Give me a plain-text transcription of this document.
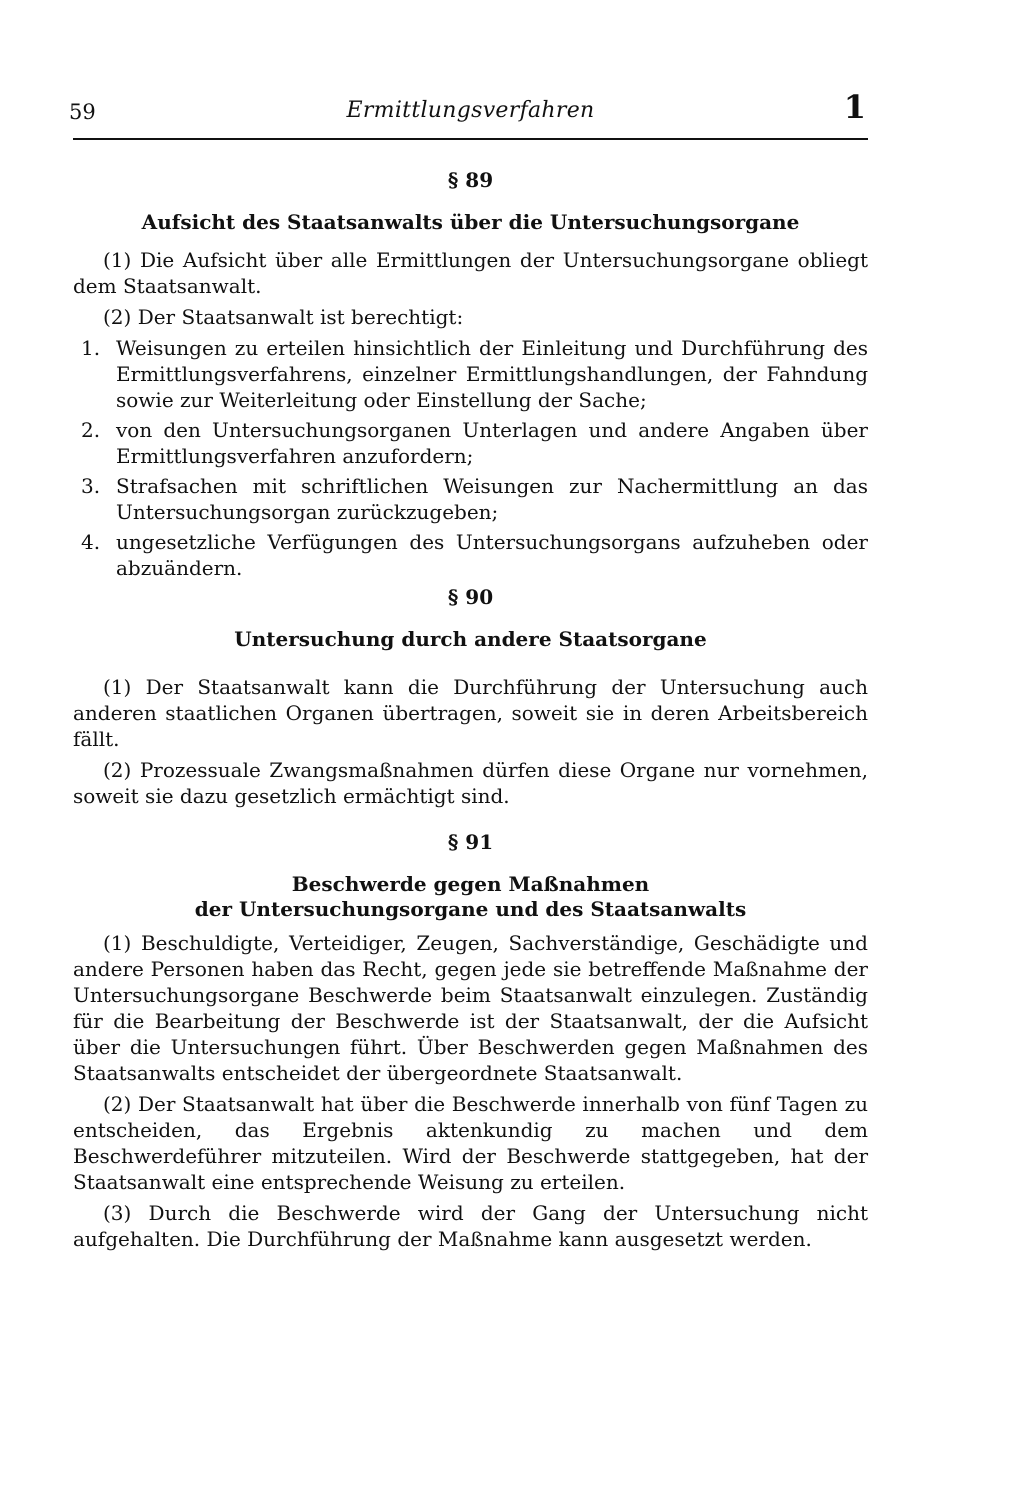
59	Ermittlungsverfahren	1
§ 89
Aufsicht des Staatsanwalts über die Untersuchungsorgane

(1) Die Aufsicht über alle Ermittlungen der Untersuchungsorgane obliegt dem Staatsanwalt.

(2) Der Staatsanwalt ist berechtigt:

1. Weisungen zu erteilen hinsichtlich der Einleitung und Durchführung des Ermittlungsverfahrens, einzelner Ermittlungshandlungen, der Fahndung sowie zur Weiterleitung oder Einstellung der Sache;
2. von den Untersuchungsorganen Unterlagen und andere Angaben über Ermittlungsverfahren anzufordern;
3. Strafsachen mit schriftlichen Weisungen zur Nachermittlung an das Untersuchungsorgan zurückzugeben;
4. ungesetzliche Verfügungen des Untersuchungsorgans aufzuheben oder abzuändern.
§ 90
Untersuchung durch andere Staatsorgane

(1) Der Staatsanwalt kann die Durchführung der Untersuchung auch anderen staatlichen Organen übertragen, soweit sie in deren Arbeitsbereich fällt.

(2) Prozessuale Zwangsmaßnahmen dürfen diese Organe nur vornehmen, soweit sie dazu gesetzlich ermächtigt sind.

§ 91
Beschwerde gegen Maßnahmen
der Untersuchungsorgane und des Staatsanwalts

(1) Beschuldigte, Verteidiger, Zeugen, Sachverständige, Geschädigte und andere Personen haben das Recht, gegen jede sie betreffende Maßnahme der Untersuchungsorgane Beschwerde beim Staatsanwalt einzulegen. Zuständig für die Bearbeitung der Beschwerde ist der Staatsanwalt, der die Aufsicht über die Untersuchungen führt. Über Beschwerden gegen Maßnahmen des Staatsanwalts entscheidet der übergeordnete Staatsanwalt.

(2) Der Staatsanwalt hat über die Beschwerde innerhalb von fünf Tagen zu entscheiden, das Ergebnis aktenkundig zu machen und dem Beschwerdeführer mitzuteilen. Wird der Beschwerde stattgegeben, hat der Staatsanwalt eine entsprechende Weisung zu erteilen.

(3) Durch die Beschwerde wird der Gang der Untersuchung nicht aufgehalten. Die Durchführung der Maßnahme kann ausgesetzt werden.
